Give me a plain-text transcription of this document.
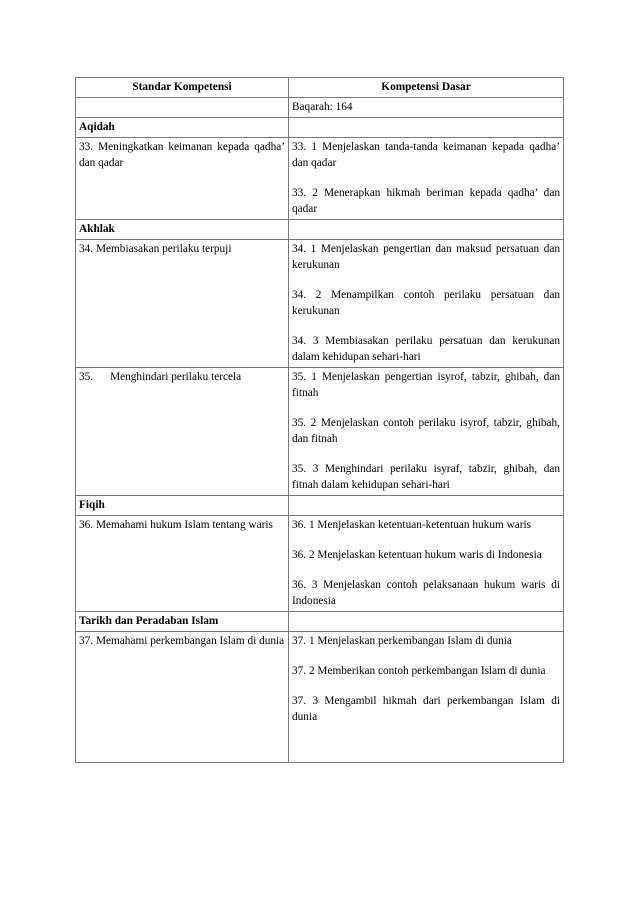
Standar Kompetensi	Kompetensi Dasar
	Baqarah: 164
Aqidah	
33. Meningkatkan keimanan kepada qadha’ dan qadar	33. 1 Menjelaskan tanda-tanda keimanan kepada qadha’ dan qadar
33. 2 Menerapkan hikmah beriman kepada qadha’ dan qadar

Akhlak	
34. Membiasakan perilaku terpuji	34. 1 Menjelaskan pengertian dan maksud persatuan dan kerukunan
34. 2 Menampilkan contoh perilaku persatuan dan kerukunan
34. 3 Membiasakan perilaku persatuan dan kerukunan dalam kehidupan sehari-hari

35.      Menghindari perilaku tercela	35. 1 Menjelaskan pengertian isyrof, tabzir, ghibah, dan fitnah
35. 2 Menjelaskan contoh perilaku isyrof, tabzir, ghibah, dan fitnah
35. 3 Menghindari perilaku isyraf, tabzir, ghibah, dan fitnah dalam kehidupan sehari-hari

Fiqih	
36. Memahami hukum Islam tentang waris	36. 1 Menjelaskan ketentuan-ketentuan hukum waris
36. 2 Menjelaskan ketentuan hukum waris di Indonesia
36. 3 Menjelaskan contoh pelaksanaan hukum waris di Indonesia

Tarikh dan Peradaban Islam	
37. Memahami perkembangan Islam di dunia	37. 1 Menjelaskan perkembangan Islam di dunia
37. 2 Memberikan contoh perkembangan Islam di dunia
37. 3 Mengambil hikmah dari perkembangan Islam di dunia
